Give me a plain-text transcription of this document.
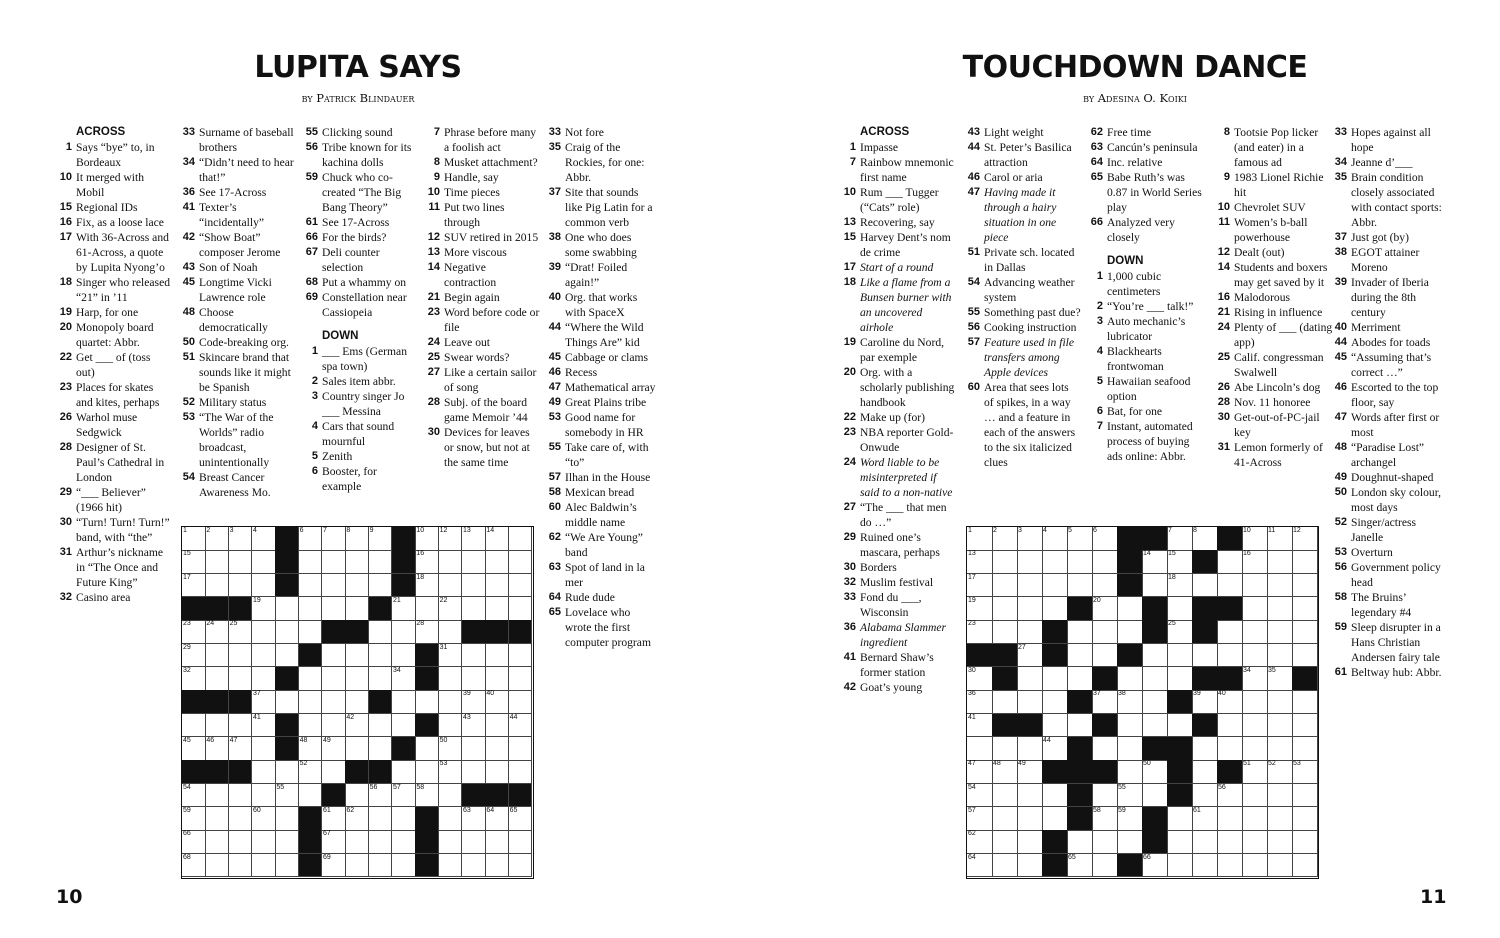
LUPITA SAYS
by Patrick Blindauer
ACROSS
1 Says “bye” to, in Bordeaux
10 It merged with Mobil
15 Regional IDs
16 Fix, as a loose lace
17 With 36-Across and 61-Across, a quote by Lupita Nyong’o
18 Singer who released “21” in ’11
19 Harp, for one
20 Monopoly board quartet: Abbr.
22 Get ___ of (toss out)
23 Places for skates and kites, perhaps
26 Warhol muse Sedgwick
28 Designer of St. Paul’s Cathedral in London
29 “___ Believer” (1966 hit)
30 “Turn! Turn! Turn!” band, with “the”
31 Arthur’s nickname in “The Once and Future King”
32 Casino area
33 Surname of baseball brothers
34 “Didn’t need to hear that!”
36 See 17-Across
41 Texter’s “incidentally”
42 “Show Boat” composer Jerome
43 Son of Noah
45 Longtime Vicki Lawrence role
48 Choose democratically
50 Code-breaking org.
51 Skincare brand that sounds like it might be Spanish
52 Military status
53 “The War of the Worlds” radio broadcast, unintentionally
54 Breast Cancer Awareness Mo.
55 Clicking sound
56 Tribe known for its kachina dolls
59 Chuck who co-created “The Big Bang Theory”
61 See 17-Across
66 For the birds?
67 Deli counter selection
68 Put a whammy on
69 Constellation near Cassiopeia
DOWN
1 ___ Ems (German spa town)
2 Sales item abbr.
3 Country singer Jo ___ Messina
4 Cars that sound mournful
5 Zenith
6 Booster, for example
7 Phrase before many a foolish act
8 Musket attachment?
9 Handle, say
10 Time pieces
11 Put two lines through
12 SUV retired in 2015
13 More viscous
14 Negative contraction
21 Begin again
23 Word before code or file
24 Leave out
25 Swear words?
27 Like a certain sailor of song
28 Subj. of the board game Memoir ’44
30 Devices for leaves or snow, but not at the same time
33 Not fore
35 Craig of the Rockies, for one: Abbr.
37 Site that sounds like Pig Latin for a common verb
38 One who does some swabbing
39 “Drat! Foiled again!”
40 Org. that works with SpaceX
44 “Where the Wild Things Are” kid
45 Cabbage or clams
46 Recess
47 Mathematical array
49 Great Plains tribe
53 Good name for somebody in HR
55 Take care of, with “to”
57 Ilhan in the House
58 Mexican bread
60 Alec Baldwin’s middle name
62 “We Are Young” band
63 Spot of land in la mer
64 Rude dude
65 Lovelace who wrote the first computer program
1	2	3	4	6	7	8	9	10 12 13 14
15	16
17	18
19	21	22
23 24 25	28
29	31
32	34
37	39 40
41	42	43	44
45 46 47	48 49	50
52	53
54	55	56 57 58
59	60	61 62	63 64 65
66	67
68	69
10
TOUCHDOWN DANCE
by Adesina O. Koiki
ACROSS
1 Impasse
7 Rainbow mnemonic first name
10 Rum ___ Tugger (“Cats” role)
13 Recovering, say
15 Harvey Dent’s nom de crime
17 Start of a round
18 Like a flame from a Bunsen burner with an uncovered airhole
19 Caroline du Nord, par exemple
20 Org. with a scholarly publishing handbook
22 Make up (for)
23 NBA reporter Gold-Onwude
24 Word liable to be misinterpreted if said to a non-native
27 “The ___ that men do …”
29 Ruined one’s mascara, perhaps
30 Borders
32 Muslim festival
33 Fond du ___, Wisconsin
36 Alabama Slammer ingredient
41 Bernard Shaw’s former station
42 Goat’s young
43 Light weight
44 St. Peter’s Basilica attraction
46 Carol or aria
47 Having made it through a hairy situation in one piece
51 Private sch. located in Dallas
54 Advancing weather system
55 Something past due?
56 Cooking instruction
57 Feature used in file transfers among Apple devices
60 Area that sees lots of spikes, in a way … and a feature in each of the answers to the six italicized clues
62 Free time
63 Cancún’s peninsula
64 Inc. relative
65 Babe Ruth’s was 0.87 in World Series play
66 Analyzed very closely
DOWN
1 1,000 cubic centimeters
2 “You’re ___ talk!”
3 Auto mechanic’s lubricator
4 Blackhearts frontwoman
5 Hawaiian seafood option
6 Bat, for one
7 Instant, automated process of buying ads online: Abbr.
8 Tootsie Pop licker (and eater) in a famous ad
9 1983 Lionel Richie hit
10 Chevrolet SUV
11 Women’s b-ball powerhouse
12 Dealt (out)
14 Students and boxers may get saved by it
16 Malodorous
21 Rising in influence
24 Plenty of ___ (dating app)
25 Calif. congressman Swalwell
26 Abe Lincoln’s dog
28 Nov. 11 honoree
30 Get-out-of-PC-jail key
31 Lemon formerly of 41-Across
33 Hopes against all hope
34 Jeanne d’___
35 Brain condition closely associated with contact sports: Abbr.
37 Just got (by)
38 EGOT attainer Moreno
39 Invader of Iberia during the 8th century
40 Merriment
44 Abodes for toads
45 “Assuming that’s correct …”
46 Escorted to the top floor, say
47 Words after first or most
48 “Paradise Lost” archangel
49 Doughnut-shaped
50 London sky colour, most days
52 Singer/actress Janelle
53 Overturn
56 Government policy head
58 The Bruins’ legendary #4
59 Sleep disrupter in a Hans Christian Andersen fairy tale
61 Beltway hub: Abbr.
1	2	3	4	5	6	7	8	10 11	12
13	14 15	16
17	18
19	20
23	25
27
30	34 35
36	37 38	39 40
41
44
47 48 49	50	51 52 53
54	55	56
57	58 59	61
62
64	65	66
11
